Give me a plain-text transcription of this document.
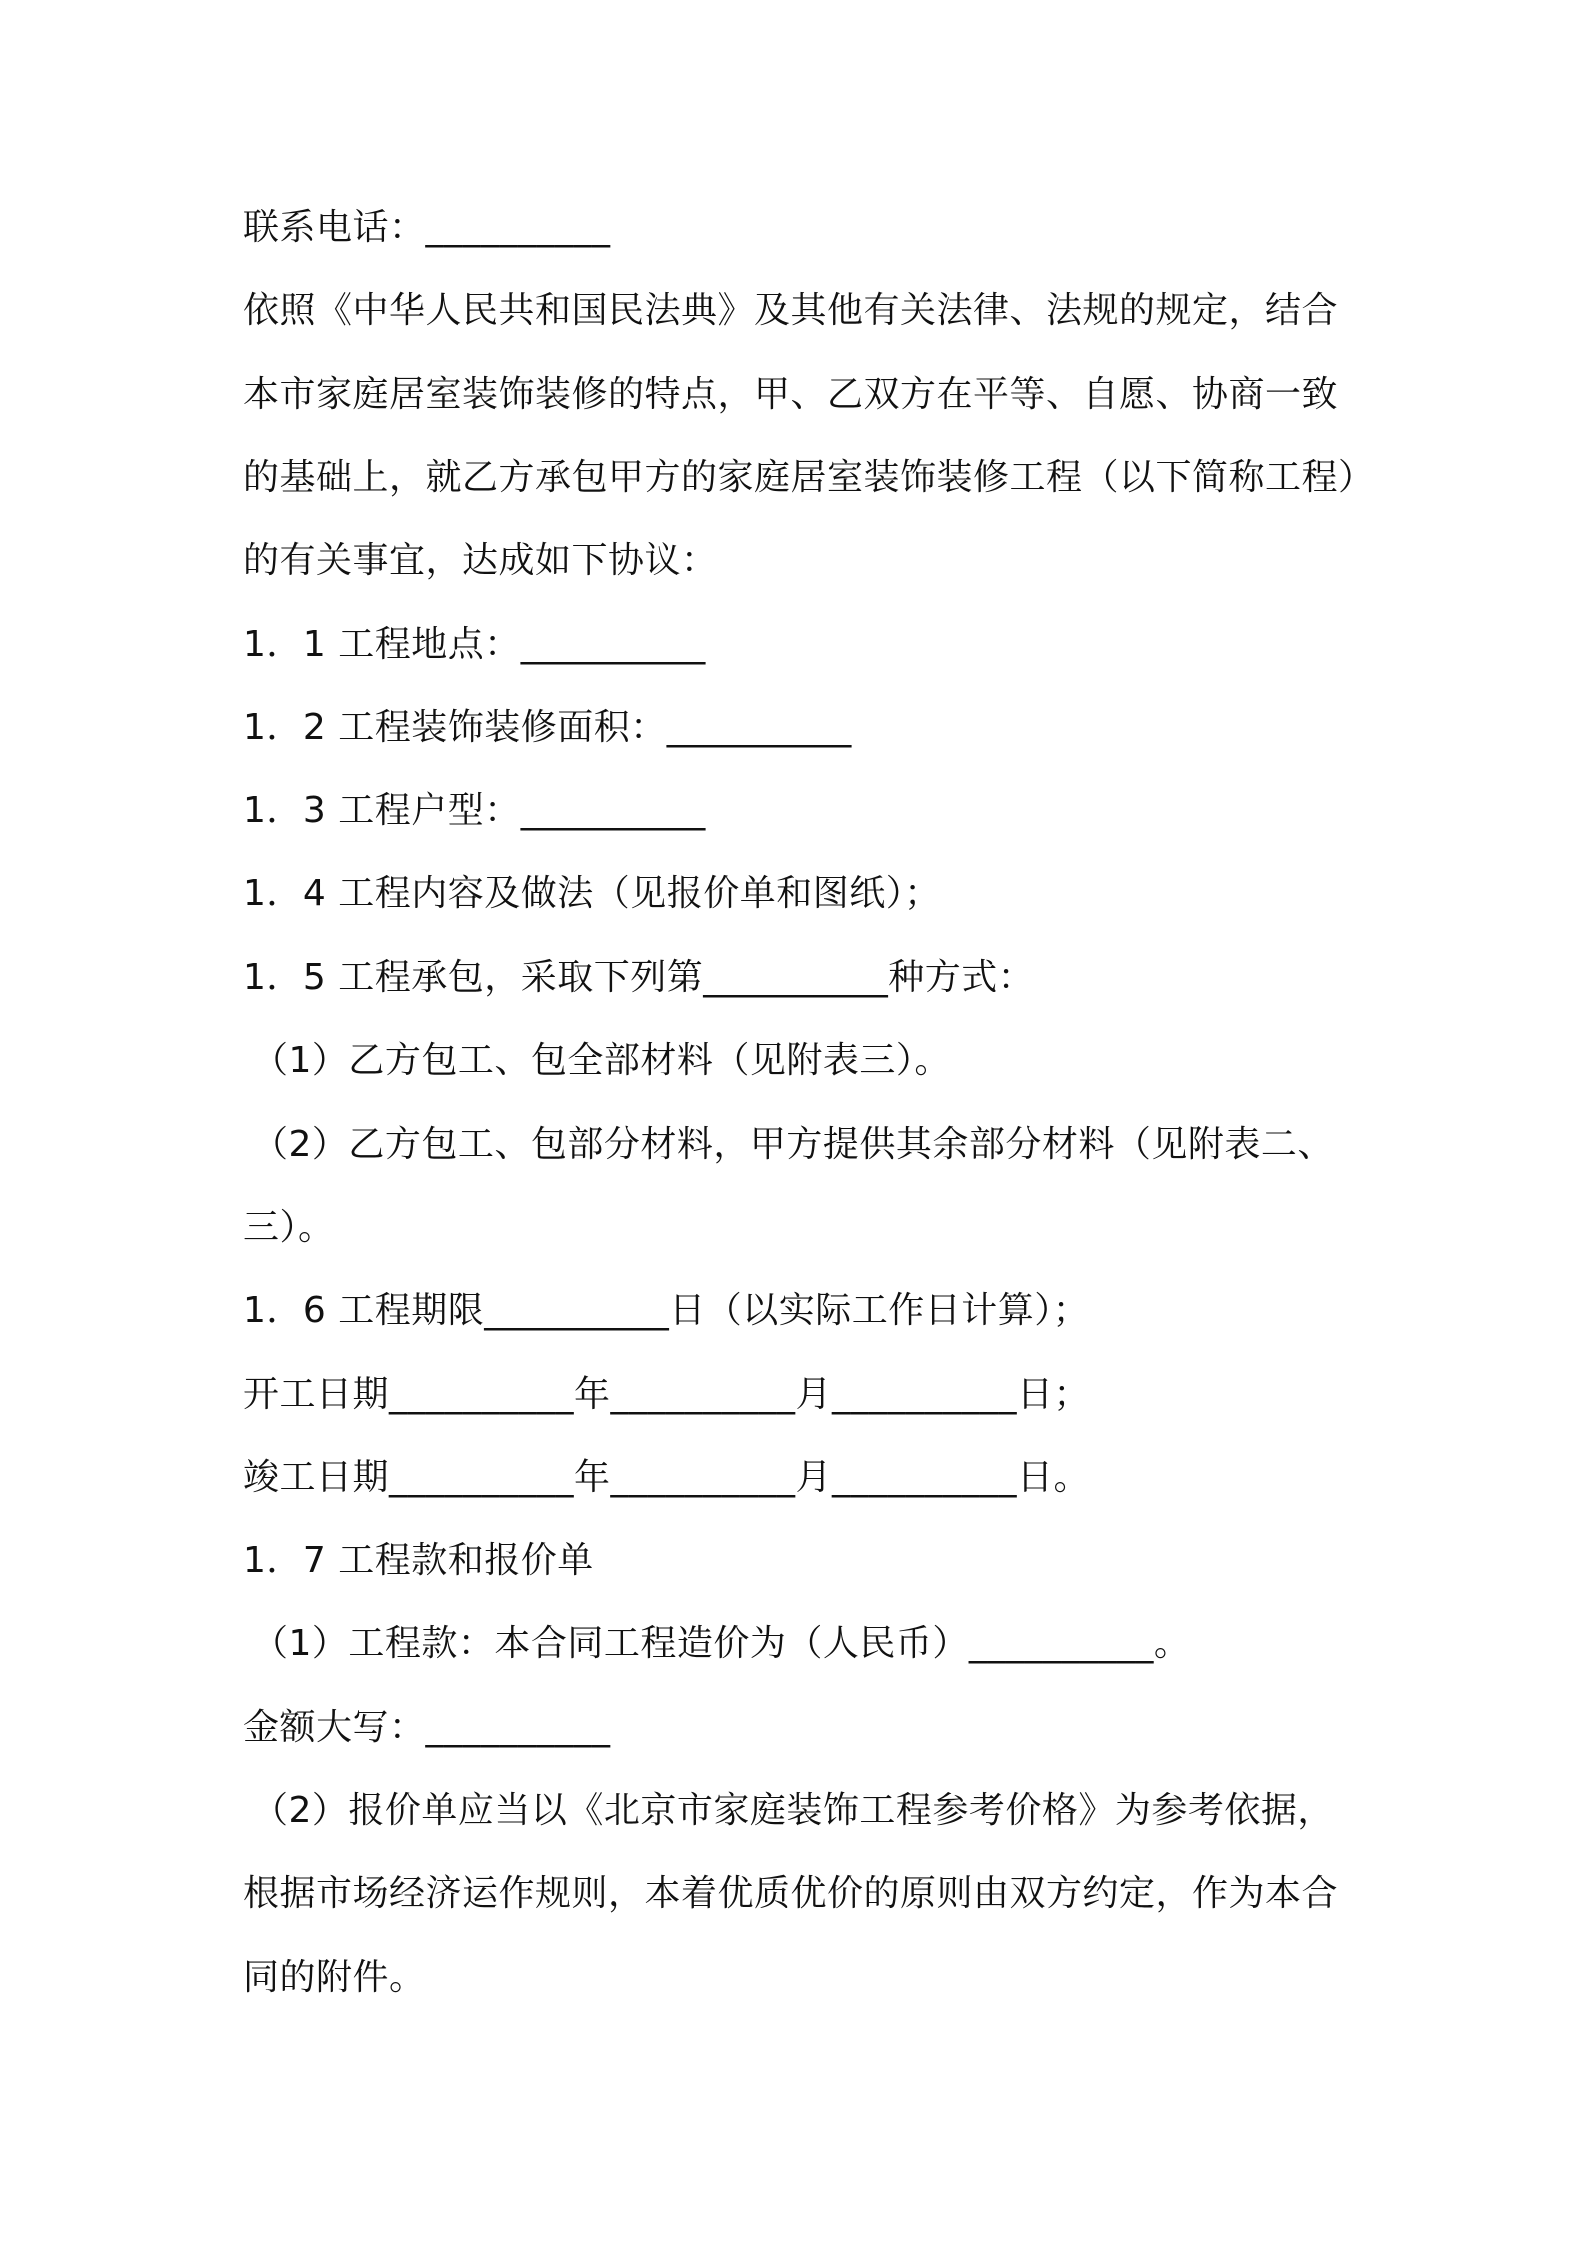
联系电话：__________
依照《中华人民共和国民法典》及其他有关法律、法规的规定，结合
本市家庭居室装饰装修的特点，甲、乙双方在平等、自愿、协商一致
的基础上，就乙方承包甲方的家庭居室装饰装修工程（以下简称工程）
的有关事宜，达成如下协议：
1．1 工程地点：__________
1．2 工程装饰装修面积：__________
1．3 工程户型：__________
1．4 工程内容及做法（见报价单和图纸）；
1．5 工程承包，采取下列第__________种方式：
（1）乙方包工、包全部材料（见附表三）。
（2）乙方包工、包部分材料，甲方提供其余部分材料（见附表二、
三）。
1．6 工程期限__________日（以实际工作日计算）；
开工日期__________年__________月__________日；
竣工日期__________年__________月__________日。
1．7 工程款和报价单
（1）工程款：本合同工程造价为（人民币）__________。
金额大写：__________
（2）报价单应当以《北京市家庭装饰工程参考价格》为参考依据，
根据市场经济运作规则，本着优质优价的原则由双方约定，作为本合
同的附件。
